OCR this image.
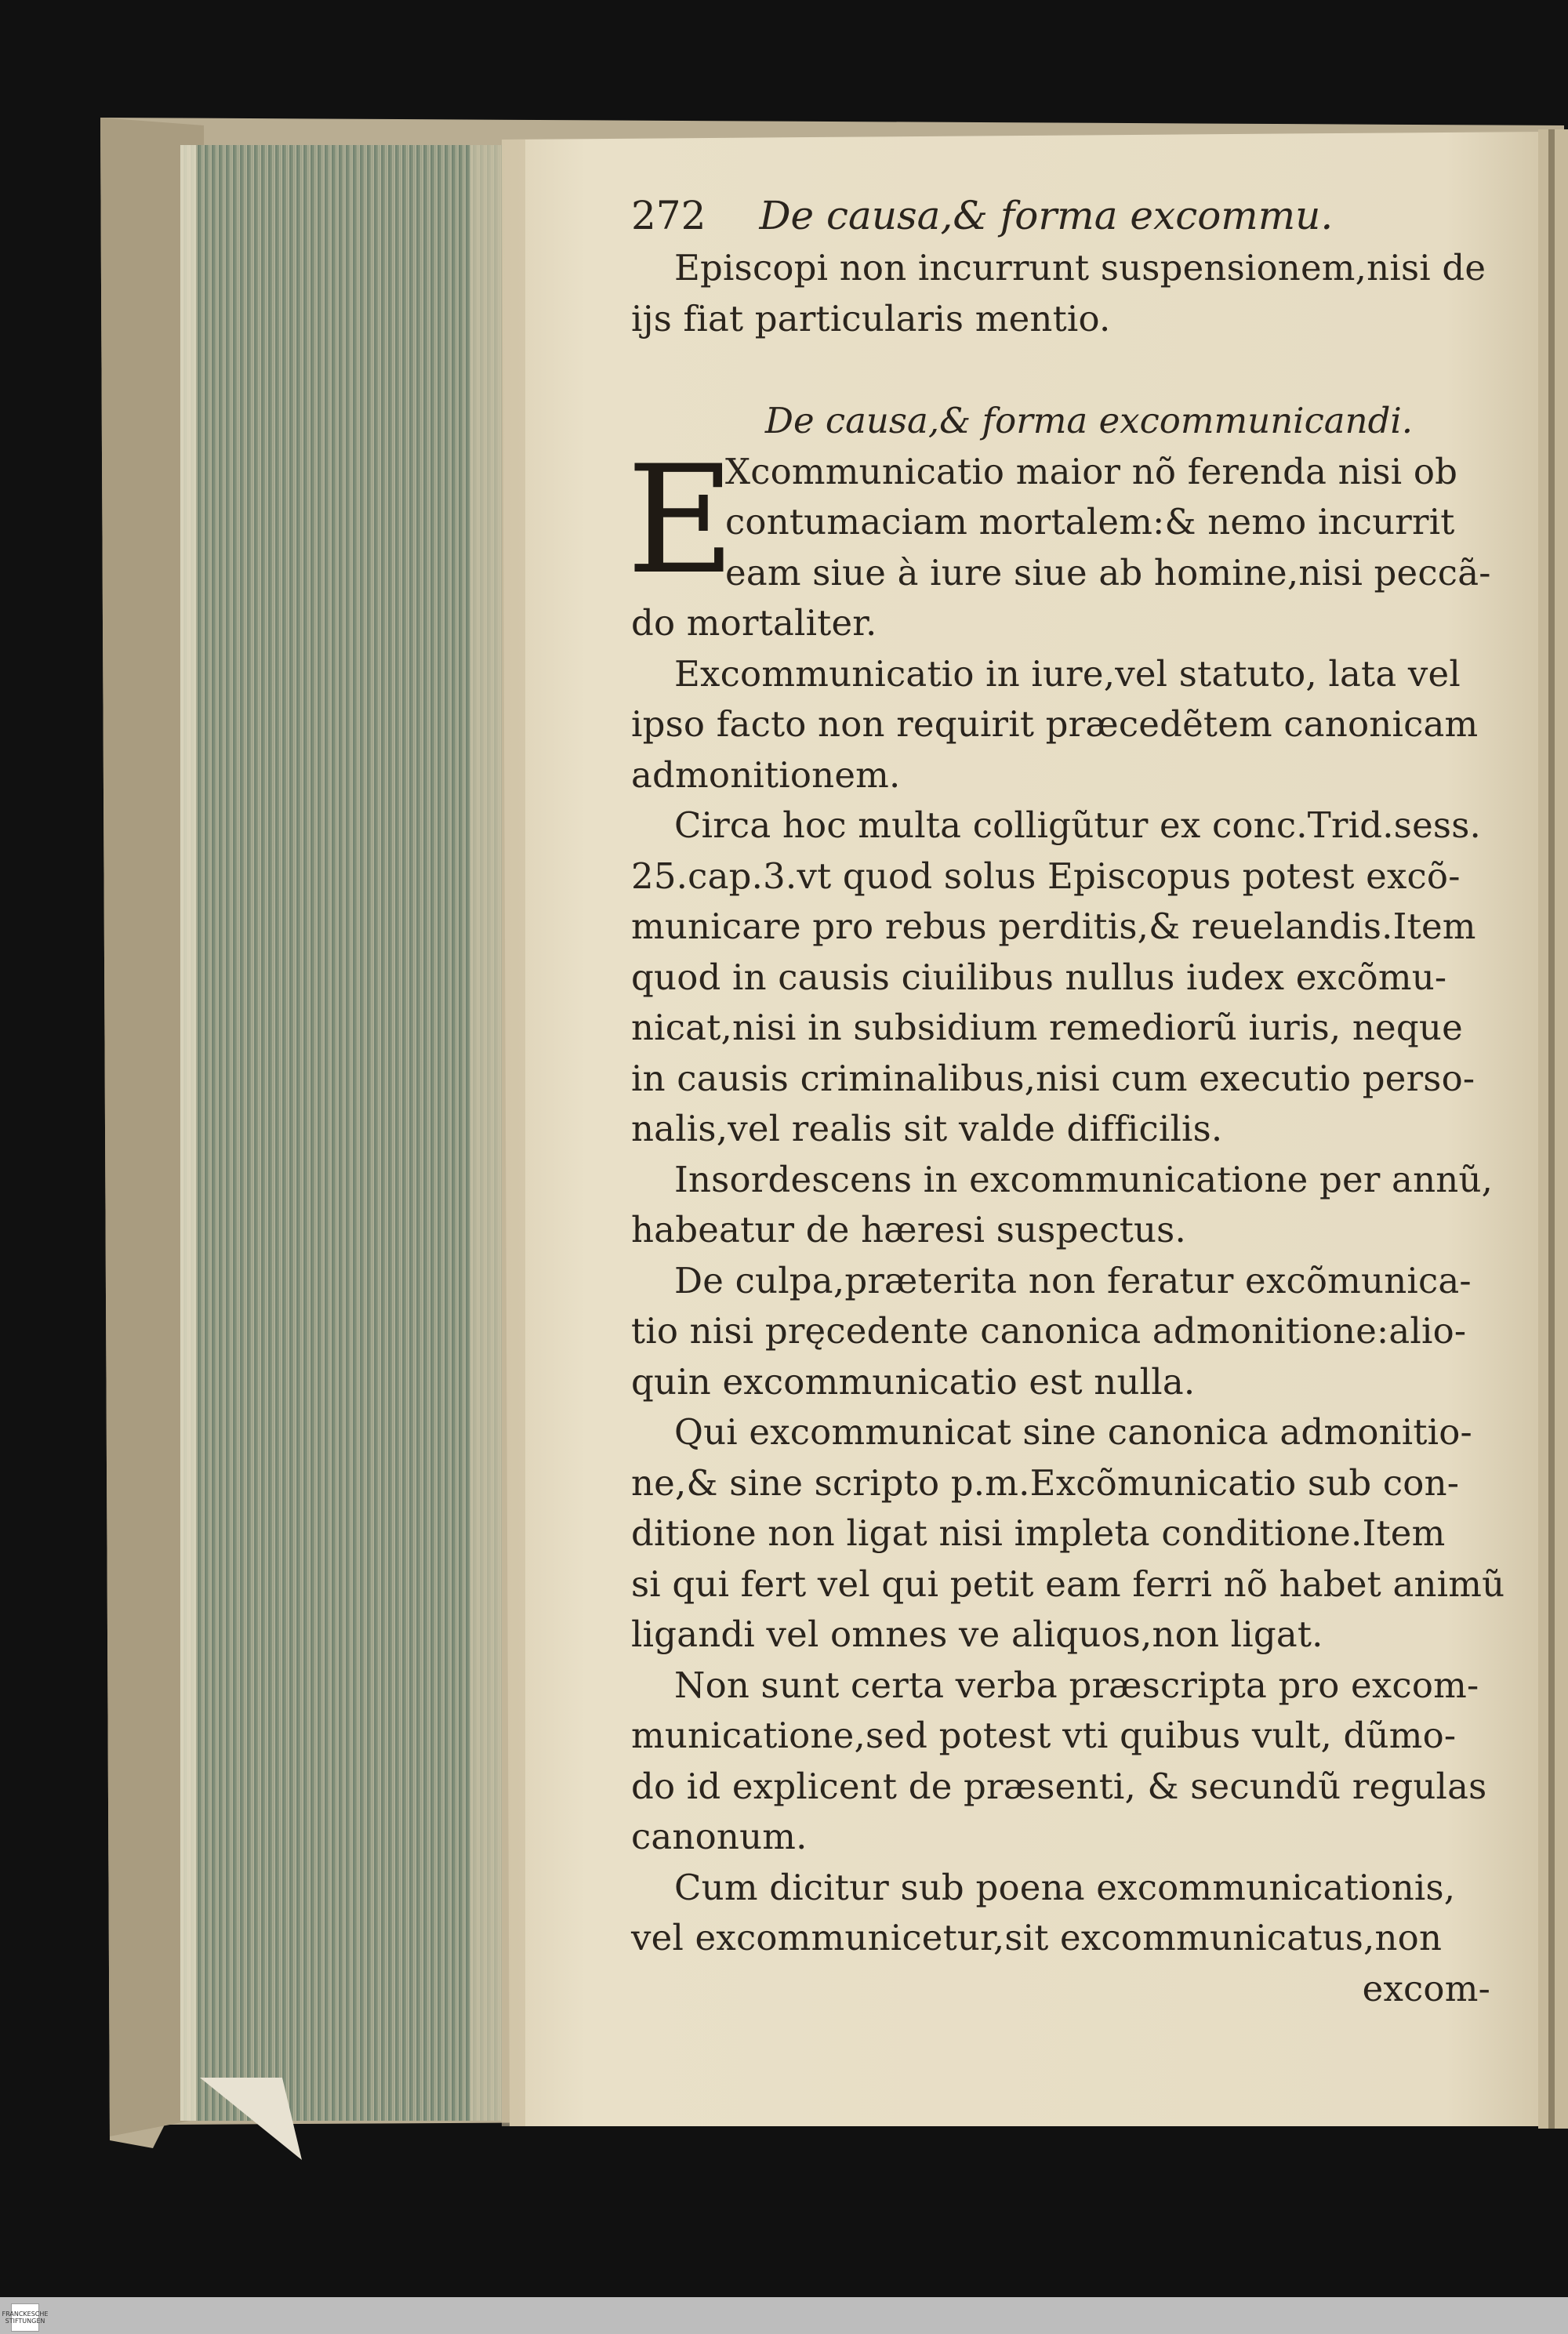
272 De causa,& forma excommu.
Episcopi non incurrunt suspensionem,nisi de
ijs fiat particularis mentio.
De causa,& forma excommunicandi.
E
Xcommunicatio maior nõ ferenda nisi ob
contumaciam mortalem:& nemo incurrit
eam siue à iure siue ab homine,nisi peccã-
do mortaliter.
Excommunicatio in iure,vel statuto, lata vel
ipso facto non requirit præcedẽtem canonicam
admonitionem.
Circa hoc multa colligũtur ex conc.Trid.sess.
25.cap.3.vt quod solus Episcopus potest excõ-
municare pro rebus perditis,& reuelandis.Item
quod in causis ciuilibus nullus iudex excõmu-
nicat,nisi in subsidium remediorũ iuris, neque
in causis criminalibus,nisi cum executio perso-
nalis,vel realis sit valde difficilis.
Insordescens in excommunicatione per annũ,
habeatur de hæresi suspectus.
De culpa,præterita non feratur excõmunica-
tio nisi pręcedente canonica admonitione:alio-
quin excommunicatio est nulla.
Qui excommunicat sine canonica admonitio-
ne,& sine scripto p.m.Excõmunicatio sub con-
ditione non ligat nisi impleta conditione.Item
si qui fert vel qui petit eam ferri nõ habet animũ
ligandi vel omnes ve aliquos,non ligat.
Non sunt certa verba præscripta pro excom-
municatione,sed potest vti quibus vult, dũmo-
do id explicent de præsenti, & secundũ regulas
canonum.
Cum dicitur sub poena excommunicationis,
vel excommunicetur,sit excommunicatus,non
excom-
FRANCKESCHE STIFTUNGEN
